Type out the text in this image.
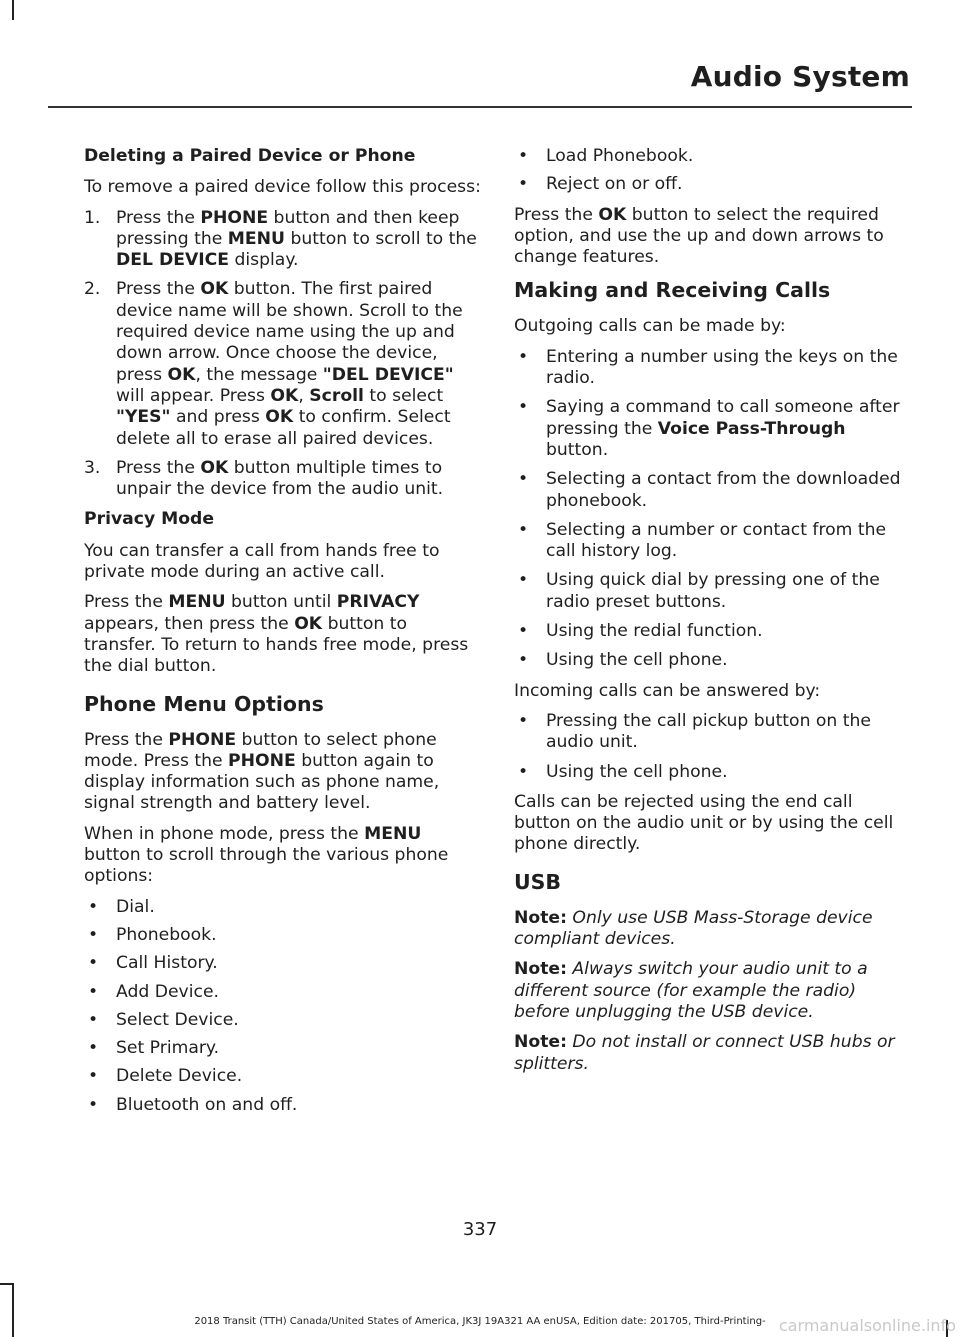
Audio System
Deleting a Paired Device or Phone

To remove a paired device follow this process:

1. Press the PHONE button and then keep pressing the MENU button to scroll to the DEL DEVICE display.
2. Press the OK button. The first paired device name will be shown. Scroll to the required device name using the up and down arrow. Once choose the device, press OK, the message "DEL DEVICE" will appear. Press OK, Scroll to select "YES" and press OK to confirm. Select delete all to erase all paired devices.
3. Press the OK button multiple times to unpair the device from the audio unit.
Privacy Mode

You can transfer a call from hands free to private mode during an active call.

Press the MENU button until PRIVACY appears, then press the OK button to transfer. To return to hands free mode, press the dial button.

Phone Menu Options

Press the PHONE button to select phone mode. Press the PHONE button again to display information such as phone name, signal strength and battery level.

When in phone mode, press the MENU button to scroll through the various phone options:

• Dial.
• Phonebook.
• Call History.
• Add Device.
• Select Device.
• Set Primary.
• Delete Device.
• Bluetooth on and off.
• Load Phonebook.
• Reject on or off.

Press the OK button to select the required option, and use the up and down arrows to change features.

Making and Receiving Calls

Outgoing calls can be made by:

• Entering a number using the keys on the radio.
• Saying a command to call someone after pressing the Voice Pass-Through button.
• Selecting a contact from the downloaded phonebook.
• Selecting a number or contact from the call history log.
• Using quick dial by pressing one of the radio preset buttons.
• Using the redial function.
• Using the cell phone.

Incoming calls can be answered by:

• Pressing the call pickup button on the audio unit.
• Using the cell phone.

Calls can be rejected using the end call button on the audio unit or by using the cell phone directly.

USB

Note: Only use USB Mass-Storage device compliant devices.

Note: Always switch your audio unit to a different source (for example the radio) before unplugging the USB device.

Note: Do not install or connect USB hubs or splitters.

337
2018 Transit (TTH) Canada/United States of America, JK3J 19A321 AA enUSA, Edition date: 201705, Third-Printing- carmanualsonline.info
